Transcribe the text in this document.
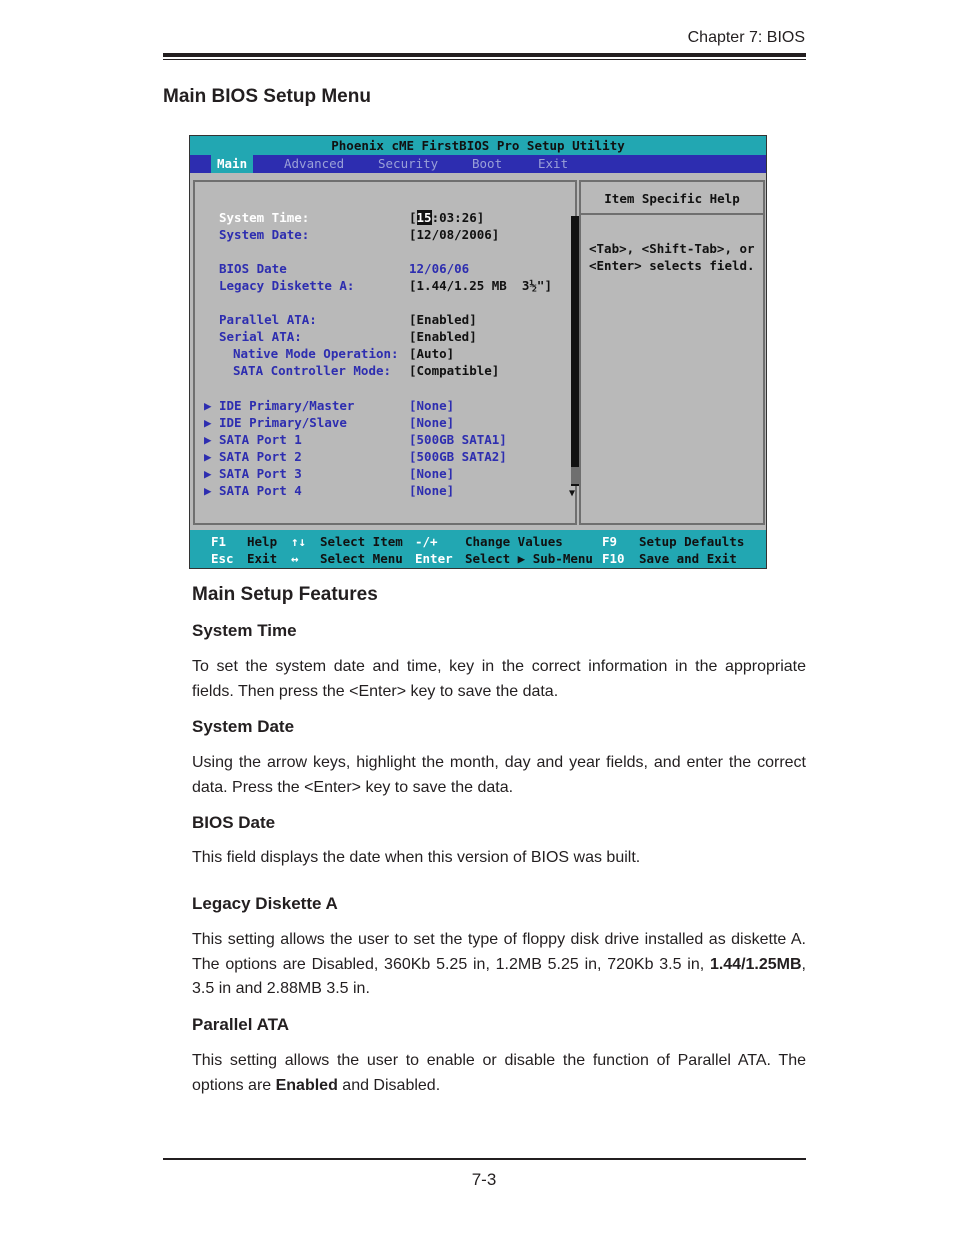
Chapter 7: BIOS
Main BIOS Setup Menu
Phoenix cME FirstBIOS Pro Setup Utility
Main	Advanced	Security	Boot	Exit
System Time:	[15:03:26]
System Date:	[12/08/2006]
BIOS Date	12/06/06
Legacy Diskette A:	[1.44/1.25 MB  3½"]
Parallel ATA:	[Enabled]
Serial ATA:	[Enabled]
Native Mode Operation: [Auto]
SATA Controller Mode: [Compatible]
▶ IDE Primary/Master	[None]
▶ IDE Primary/Slave	[None]
▶ SATA Port 1	[500GB SATA1]
▶ SATA Port 2	[500GB SATA2]
▶ SATA Port 3	[None]
▶ SATA Port 4	[None]	▼
Item Specific Help
<Tab>, <Shift-Tab>, or
<Enter> selects field.
F1 Help ↑↓ Select Item -/+ Change Values	F9 Setup Defaults
Esc Exit ↔ Select Menu Enter Select ▶ Sub-Menu F10 Save and Exit
Main Setup Features
System Time
To set the system date and time, key in the correct information in the appropriate
fields. Then press the <Enter> key to save the data.
System Date
Using the arrow keys, highlight the month, day and year fields, and enter the correct
data. Press the <Enter> key to save the data.
BIOS Date
This field displays the date when this version of BIOS was built.
Legacy Diskette A
This setting allows the user to set the type of floppy disk drive installed as diskette A.
The options are Disabled, 360Kb 5.25 in, 1.2MB 5.25 in, 720Kb 3.5 in, 1.44/1.25MB,
3.5 in and 2.88MB 3.5 in.
Parallel ATA
This setting allows the user to enable or disable the function of Parallel ATA. The
options are Enabled and Disabled.
7-3
